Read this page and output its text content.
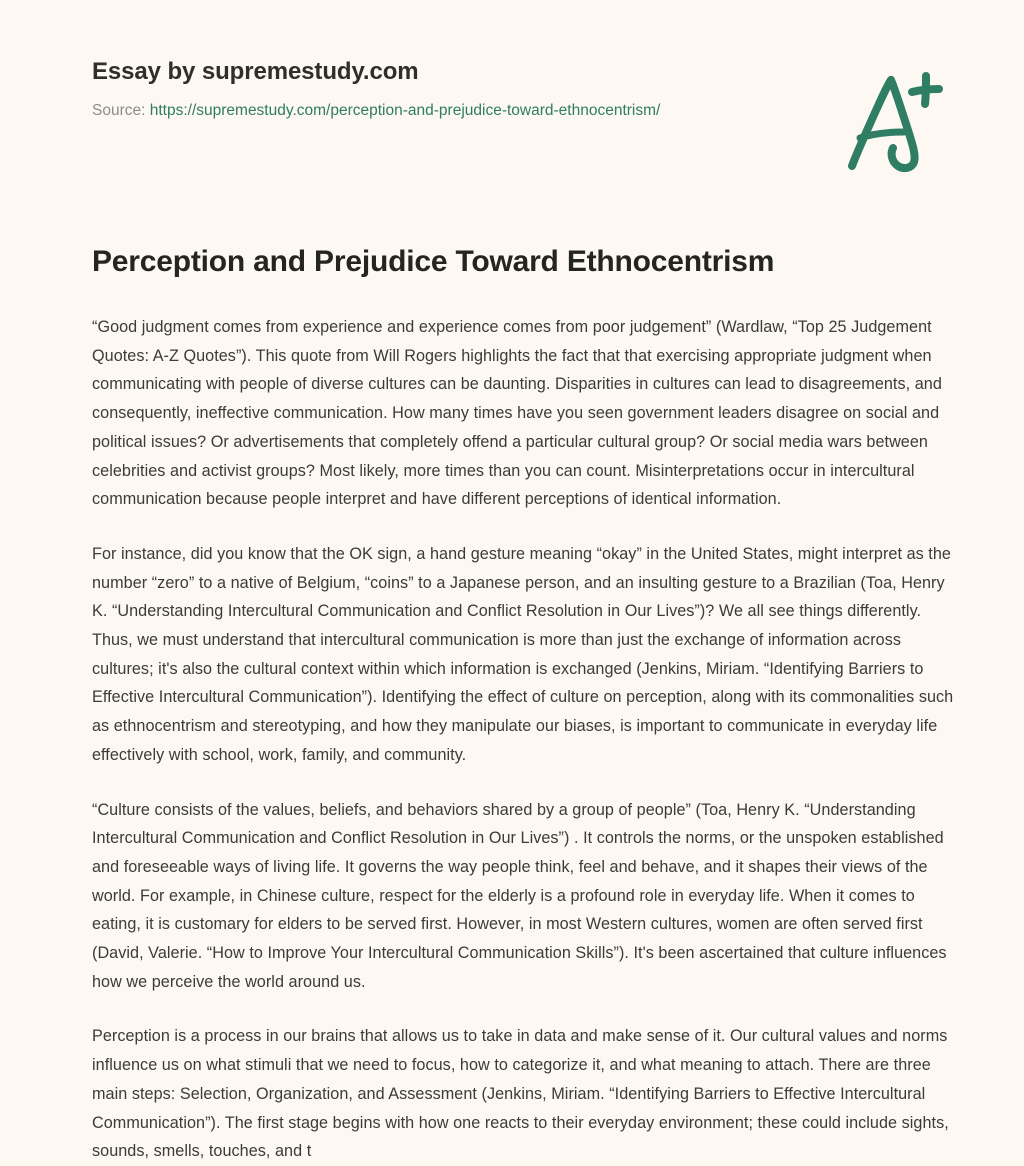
Essay by supremestudy.com
Source: https://supremestudy.com/perception-and-prejudice-toward-ethnocentrism/
Perception and Prejudice Toward Ethnocentrism

“Good judgment comes from experience and experience comes from poor judgement” (Wardlaw, “Top 25 Judgement Quotes: A-Z Quotes”). This quote from Will Rogers highlights the fact that that exercising appropriate judgment when communicating with people of diverse cultures can be daunting. Disparities in cultures can lead to disagreements, and consequently, ineffective communication. How many times have you seen government leaders disagree on social and political issues? Or advertisements that completely offend a particular cultural group? Or social media wars between celebrities and activist groups? Most likely, more times than you can count. Misinterpretations occur in intercultural communication because people interpret and have different perceptions of identical information.

For instance, did you know that the OK sign, a hand gesture meaning “okay” in the United States, might interpret as the number “zero” to a native of Belgium, “coins” to a Japanese person, and an insulting gesture to a Brazilian (Toa, Henry K. “Understanding Intercultural Communication and Conflict Resolution in Our Lives”)? We all see things differently. Thus, we must understand that intercultural communication is more than just the exchange of information across cultures; it's also the cultural context within which information is exchanged (Jenkins, Miriam. “Identifying Barriers to Effective Intercultural Communication”). Identifying the effect of culture on perception, along with its commonalities such as ethnocentrism and stereotyping, and how they manipulate our biases, is important to communicate in everyday life effectively with school, work, family, and community.

“Culture consists of the values, beliefs, and behaviors shared by a group of people” (Toa, Henry K. “Understanding Intercultural Communication and Conflict Resolution in Our Lives”) . It controls the norms, or the unspoken established and foreseeable ways of living life. It governs the way people think, feel and behave, and it shapes their views of the world. For example, in Chinese culture, respect for the elderly is a profound role in everyday life. When it comes to eating, it is customary for elders to be served first. However, in most Western cultures, women are often served first (David, Valerie. “How to Improve Your Intercultural Communication Skills”). It's been ascertained that culture influences how we perceive the world around us.

Perception is a process in our brains that allows us to take in data and make sense of it. Our cultural values and norms influence us on what stimuli that we need to focus, how to categorize it, and what meaning to attach. There are three main steps: Selection, Organization, and Assessment (Jenkins, Miriam. “Identifying Barriers to Effective Intercultural Communication”). The first stage begins with how one reacts to their everyday environment; these could include sights, sounds, smells, touches, and t
